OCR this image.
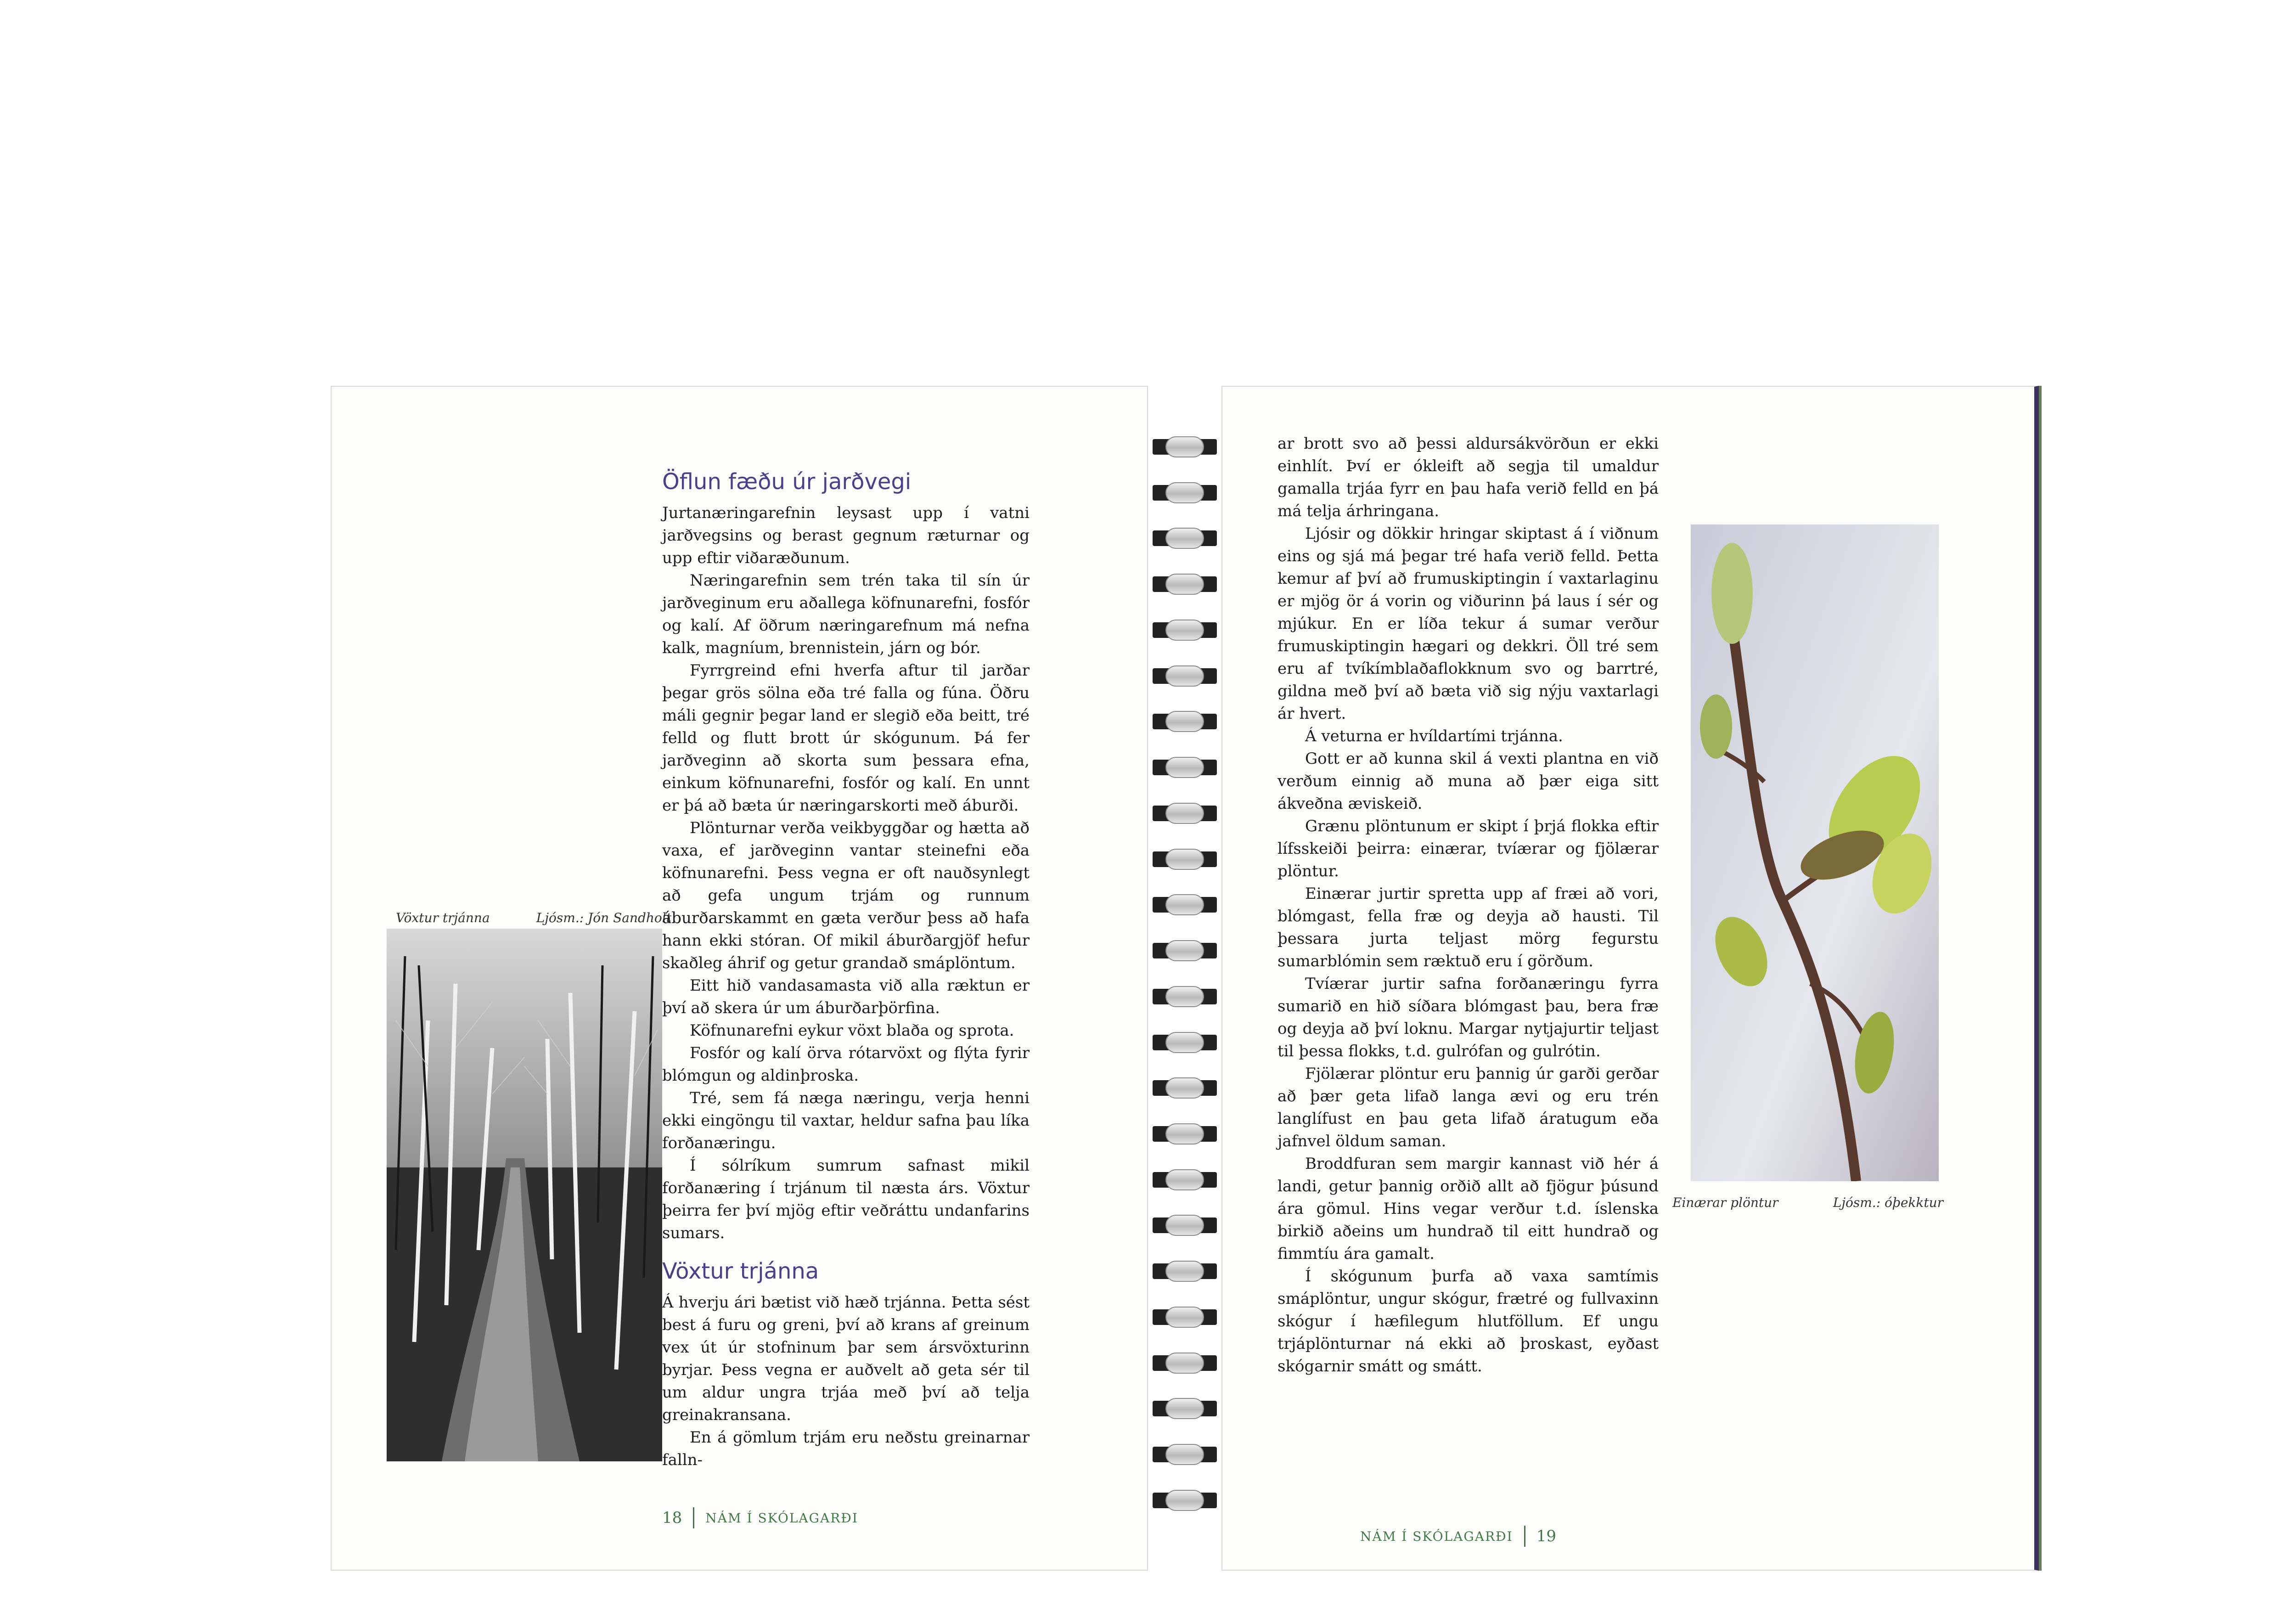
Vöxtur trjánna	Ljósm.: Jón Sandholt
Öflun fæðu úr jarðvegi

Jurtanæringarefnin leysast upp í vatni jarðvegsins og berast gegnum ræturnar og upp eftir viðaræðunum.

Næringarefnin sem trén taka til sín úr jarðveginum eru aðallega köfnunarefni, fosfór og kalí. Af öðrum næringarefnum má nefna kalk, magníum, brennistein, járn og bór.

Fyrrgreind efni hverfa aftur til jarðar þegar grös sölna eða tré falla og fúna. Öðru máli gegnir þegar land er slegið eða beitt, tré felld og flutt brott úr skógunum. Þá fer jarðveginn að skorta sum þessara efna, einkum köfnunarefni, fosfór og kalí. En unnt er þá að bæta úr næringarskorti með áburði.

Plönturnar verða veikbyggðar og hætta að vaxa, ef jarðveginn vantar steinefni eða köfnunarefni. Þess vegna er oft nauðsynlegt að gefa ungum trjám og runnum áburðarskammt en gæta verður þess að hafa hann ekki stóran. Of mikil áburðargjöf hefur skaðleg áhrif og getur grandað smáplöntum.

Eitt hið vandasamasta við alla ræktun er því að skera úr um áburðarþörfina.

Köfnunarefni eykur vöxt blaða og sprota.

Fosfór og kalí örva rótarvöxt og flýta fyrir blómgun og aldinþroska.

Tré, sem fá næga næringu, verja henni ekki eingöngu til vaxtar, heldur safna þau líka forðanæringu.

Í sólríkum sumrum safnast mikil forðanæring í trjánum til næsta árs. Vöxtur þeirra fer því mjög eftir veðráttu undanfarins sumars.

Vöxtur trjánna

Á hverju ári bætist við hæð trjánna. Þetta sést best á furu og greni, því að krans af greinum vex út úr stofninum þar sem ársvöxturinn byrjar. Þess vegna er auðvelt að geta sér til um aldur ungra trjáa með því að telja greinakransana.

En á gömlum trjám eru neðstu greinarnar falln-

18 NÁM Í SKÓLAGARÐI

ar brott svo að þessi aldursákvörðun er ekki einhlít. Því er ókleift að segja til umaldur gamalla trjáa fyrr en þau hafa verið felld en þá má telja árhringana.

Ljósir og dökkir hringar skiptast á í viðnum eins og sjá má þegar tré hafa verið felld. Þetta kemur af því að frumuskiptingin í vaxtarlaginu er mjög ör á vorin og viðurinn þá laus í sér og mjúkur. En er líða tekur á sumar verður frumuskiptingin hægari og dekkri. Öll tré sem eru af tvíkímblaðaflokknum svo og barrtré, gildna með því að bæta við sig nýju vaxtarlagi ár hvert.

Á veturna er hvíldartími trjánna.

Gott er að kunna skil á vexti plantna en við verðum einnig að muna að þær eiga sitt ákveðna æviskeið.

Grænu plöntunum er skipt í þrjá flokka eftir lífsskeiði þeirra: einærar, tvíærar og fjölærar plöntur.

Einærar jurtir spretta upp af fræi að vori, blómgast, fella fræ og deyja að hausti. Til þessara jurta teljast mörg fegurstu sumarblómin sem ræktuð eru í görðum.

Tvíærar jurtir safna forðanæringu fyrra sumarið en hið síðara blómgast þau, bera fræ og deyja að því loknu. Margar nytjajurtir teljast til þessa flokks, t.d. gulrófan og gulrótin.

Fjölærar plöntur eru þannig úr garði gerðar að þær geta lifað langa ævi og eru trén langlífust en þau geta lifað áratugum eða jafnvel öldum saman.

Broddfuran sem margir kannast við hér á landi, getur þannig orðið allt að fjögur þúsund ára gömul. Hins vegar verður t.d. íslenska birkið aðeins um hundrað til eitt hundrað og fimmtíu ára gamalt.

Í skógunum þurfa að vaxa samtímis smáplöntur, ungur skógur, frætré og fullvaxinn skógur í hæfilegum hlutföllum. Ef ungu trjáplönturnar ná ekki að þroskast, eyðast skógarnir smátt og smátt.

Einærar plöntur	Ljósm.: óþekktur
NÁM Í SKÓLAGARÐI 19
